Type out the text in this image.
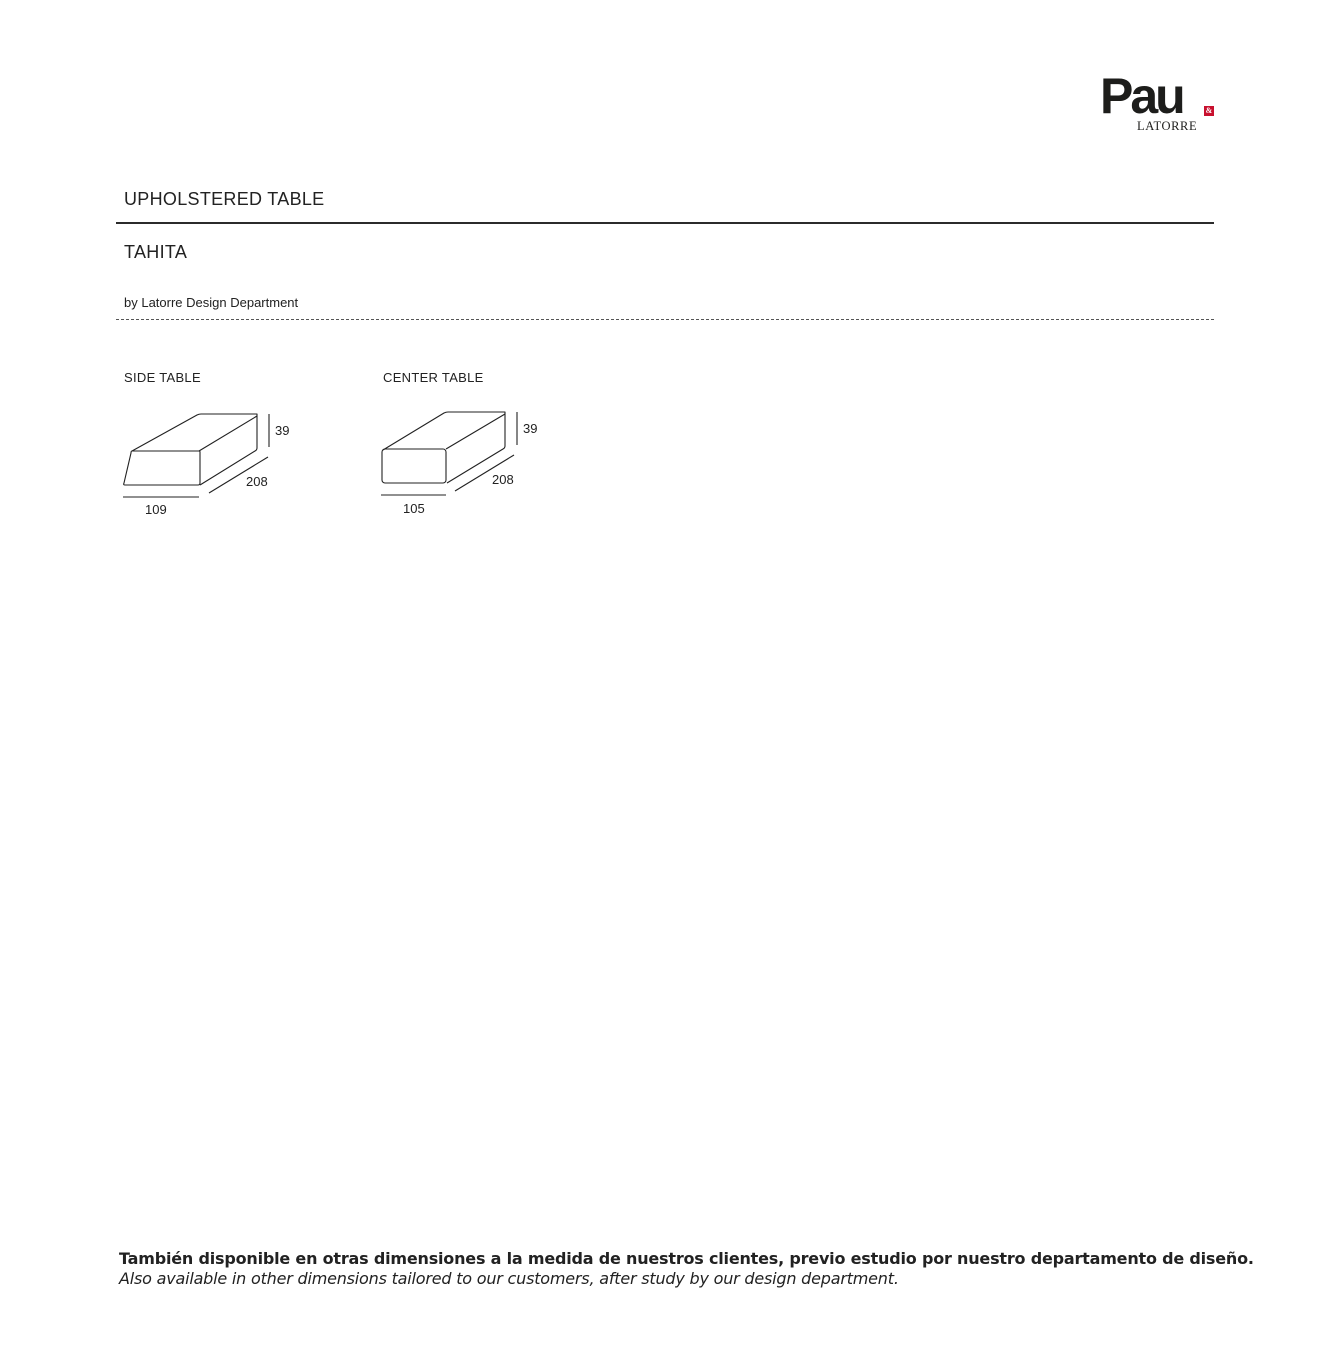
Pau	&
LATORRE
UPHOLSTERED TABLE
TAHITA
by Latorre Design Department
SIDE TABLE	CENTER TABLE
39
208
109
39
208
105
También disponible en otras dimensiones a la medida de nuestros clientes, previo estudio por nuestro departamento de diseño.
Also available in other dimensions tailored to our customers, after study by our design department.
